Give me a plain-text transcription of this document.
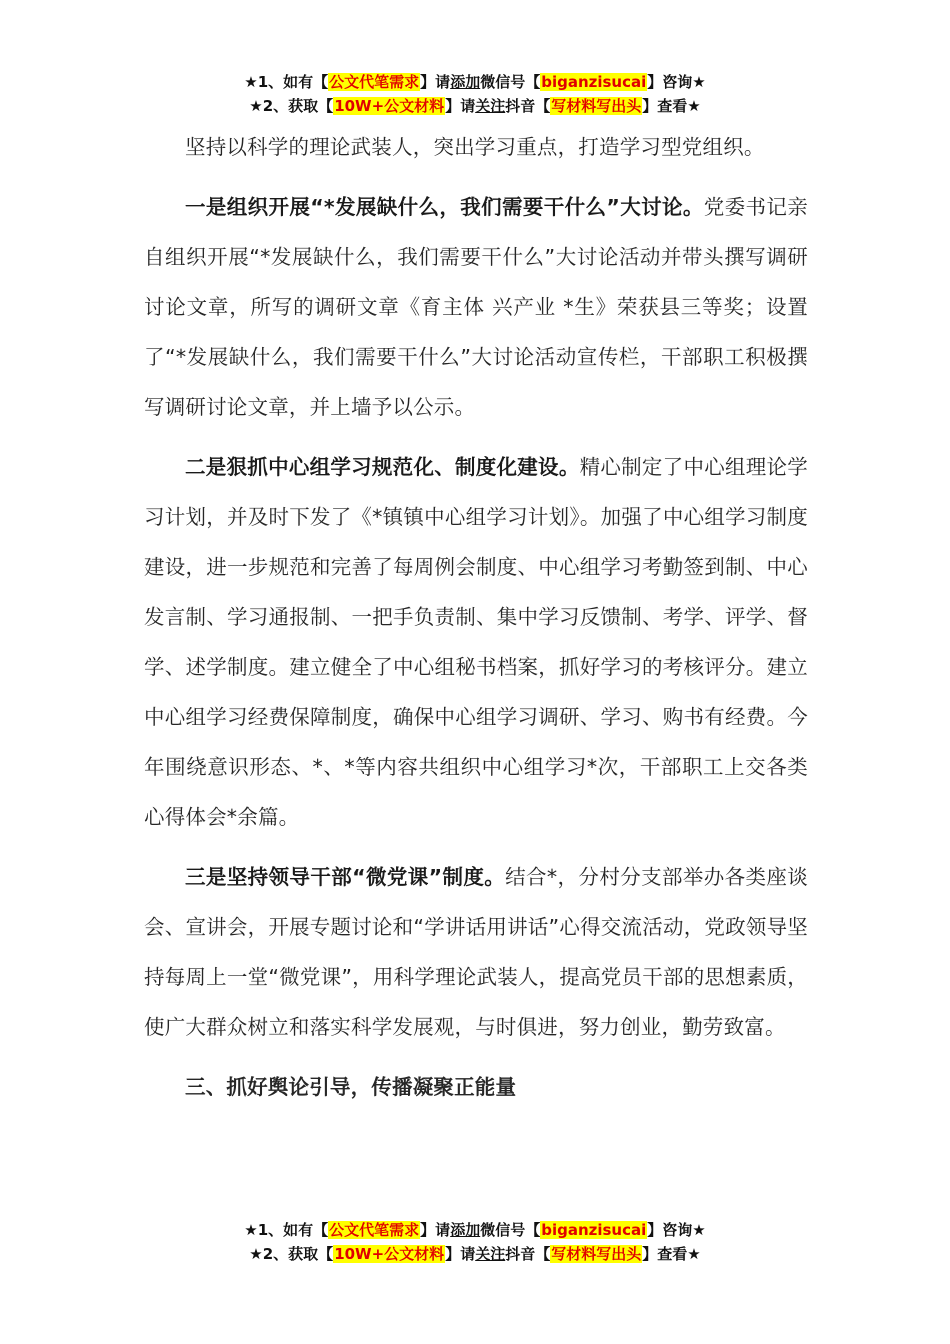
★1、如有【公文代笔需求】请添加微信号【biganzisucai】咨询★
★2、获取【10W+公文材料】请关注抖音【写材料写出头】查看★

坚持以科学的理论武装人，突出学习重点，打造学习型党组织。

一是组织开展“*发展缺什么，我们需要干什么”大讨论。党委书记亲自组织开展“*发展缺什么，我们需要干什么”大讨论活动并带头撰写调研讨论文章，所写的调研文章《育主体 兴产业 *生》荣获县三等奖；设置了“*发展缺什么，我们需要干什么”大讨论活动宣传栏，干部职工积极撰写调研讨论文章，并上墙予以公示。

二是狠抓中心组学习规范化、制度化建设。精心制定了中心组理论学习计划，并及时下发了《*镇镇中心组学习计划》。加强了中心组学习制度建设，进一步规范和完善了每周例会制度、中心组学习考勤签到制、中心发言制、学习通报制、一把手负责制、集中学习反馈制、考学、评学、督学、述学制度。建立健全了中心组秘书档案，抓好学习的考核评分。建立中心组学习经费保障制度，确保中心组学习调研、学习、购书有经费。今年围绕意识形态、*、*等内容共组织中心组学习*次，干部职工上交各类心得体会*余篇。

三是坚持领导干部“微党课”制度。结合*，分村分支部举办各类座谈会、宣讲会，开展专题讨论和“学讲话用讲话”心得交流活动，党政领导坚持每周上一堂“微党课”，用科学理论武装人，提高党员干部的思想素质，使广大群众树立和落实科学发展观，与时俱进，努力创业，勤劳致富。

三、抓好舆论引导，传播凝聚正能量

★1、如有【公文代笔需求】请添加微信号【biganzisucai】咨询★
★2、获取【10W+公文材料】请关注抖音【写材料写出头】查看★
